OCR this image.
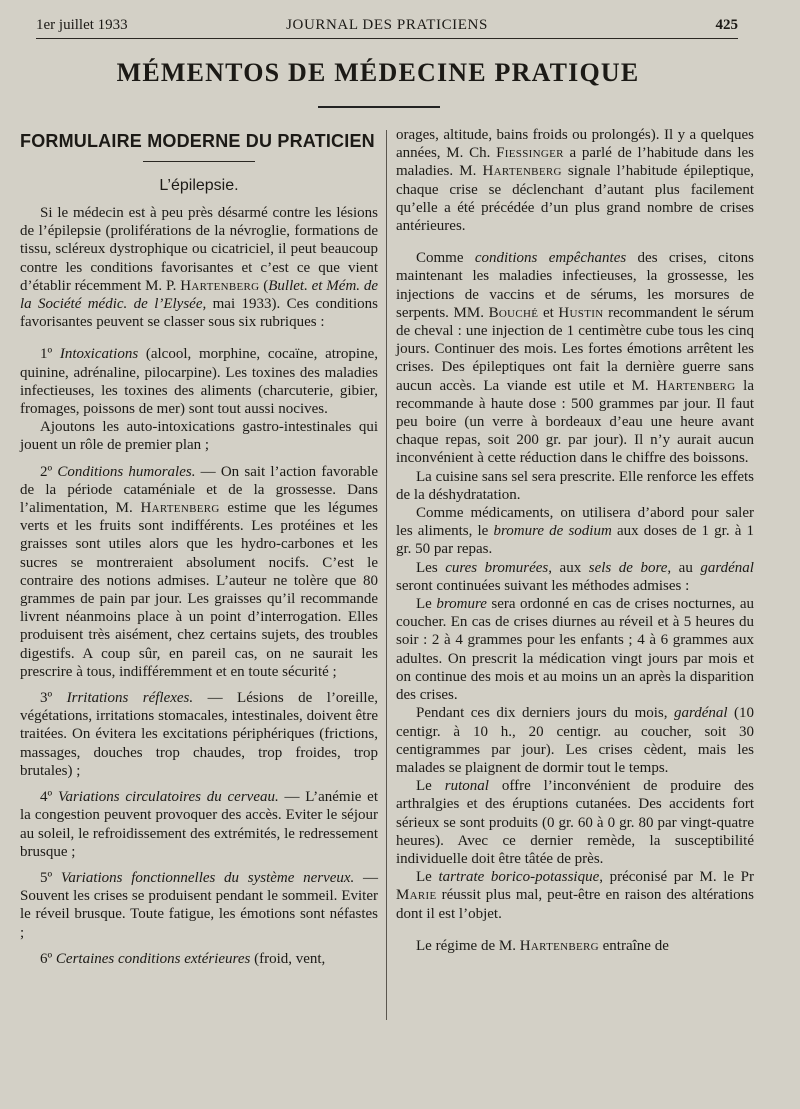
1er juillet 1933	JOURNAL DES PRATICIENS	425
MÉMENTOS DE MÉDECINE PRATIQUE
FORMULAIRE MODERNE DU PRATICIEN
L’épilepsie.

Si le médecin est à peu près désarmé contre les lésions de l’épilepsie (proliférations de la névroglie, formations de tissu, scléreux dystrophique ou cicatriciel, il peut beaucoup contre les conditions favorisantes et c’est ce que vient d’établir récemment M. P. Hartenberg (Bullet. et Mém. de la Société médic. de l’Elysée, mai 1933). Ces conditions favorisantes peuvent se classer sous six rubriques :

1º Intoxications (alcool, morphine, cocaïne, atropine, quinine, adrénaline, pilocarpine). Les toxines des maladies infectieuses, les toxines des aliments (charcuterie, gibier, fromages, poissons de mer) sont tout aussi nocives.

Ajoutons les auto-intoxications gastro-intestinales qui jouent un rôle de premier plan ;

2º Conditions humorales. — On sait l’action favorable de la période cataméniale et de la grossesse. Dans l’alimentation, M. Hartenberg estime que les légumes verts et les fruits sont indifférents. Les protéines et les graisses sont utiles alors que les hydro-carbones et les sucres se montreraient absolument nocifs. C’est le contraire des notions admises. L’auteur ne tolère que 80 grammes de pain par jour. Les graisses qu’il recommande livrent néanmoins place à un point d’interrogation. Elles produisent très aisément, chez certains sujets, des troubles digestifs. A coup sûr, en pareil cas, on ne saurait les prescrire à tous, indifféremment et en toute sécurité ;

3º Irritations réflexes. — Lésions de l’oreille, végétations, irritations stomacales, intestinales, doivent être traitées. On évitera les excitations périphériques (frictions, massages, douches trop chaudes, trop froides, trop brutales) ;

4º Variations circulatoires du cerveau. — L’anémie et la congestion peuvent provoquer des accès. Eviter le séjour au soleil, le refroidissement des extrémités, le redressement brusque ;

5º Variations fonctionnelles du système nerveux. — Souvent les crises se produisent pendant le sommeil. Eviter le réveil brusque. Toute fatigue, les émotions sont néfastes ;

6º Certaines conditions extérieures (froid, vent,

orages, altitude, bains froids ou prolongés). Il y a quelques années, M. Ch. Fiessinger a parlé de l’habitude dans les maladies. M. Hartenberg signale l’habitude épileptique, chaque crise se déclenchant d’autant plus facilement qu’elle a été précédée d’un plus grand nombre de crises antérieures.

Comme conditions empêchantes des crises, citons maintenant les maladies infectieuses, la grossesse, les injections de vaccins et de sérums, les morsures de serpents. MM. Bouché et Hustin recommandent le sérum de cheval : une injection de 1 centimètre cube tous les cinq jours. Continuer des mois. Les fortes émotions arrêtent les crises. Des épileptiques ont fait la dernière guerre sans aucun accès. La viande est utile et M. Hartenberg la recommande à haute dose : 500 grammes par jour. Il faut peu boire (un verre à bordeaux d’eau une heure avant chaque repas, soit 200 gr. par jour). Il n’y aurait aucun inconvénient à cette réduction dans le chiffre des boissons.

La cuisine sans sel sera prescrite. Elle renforce les effets de la déshydratation.

Comme médicaments, on utilisera d’abord pour saler les aliments, le bromure de sodium aux doses de 1 gr. à 1 gr. 50 par repas.

Les cures bromurées, aux sels de bore, au gardénal seront continuées suivant les méthodes admises :

Le bromure sera ordonné en cas de crises nocturnes, au coucher. En cas de crises diurnes au réveil et à 5 heures du soir : 2 à 4 grammes pour les enfants ; 4 à 6 grammes aux adultes. On prescrit la médication vingt jours par mois et on continue des mois et au moins un an après la disparition des crises.

Pendant ces dix derniers jours du mois, gardénal (10 centigr. à 10 h., 20 centigr. au coucher, soit 30 centigrammes par jour). Les crises cèdent, mais les malades se plaignent de dormir tout le temps.

Le rutonal offre l’inconvénient de produire des arthralgies et des éruptions cutanées. Des accidents fort sérieux se sont produits (0 gr. 60 à 0 gr. 80 par vingt-quatre heures). Avec ce dernier remède, la susceptibilité individuelle doit être tâtée de près.

Le tartrate borico-potassique, préconisé par M. le Pr Marie réussit plus mal, peut-être en raison des altérations dont il est l’objet.

Le régime de M. Hartenberg entraîne de
